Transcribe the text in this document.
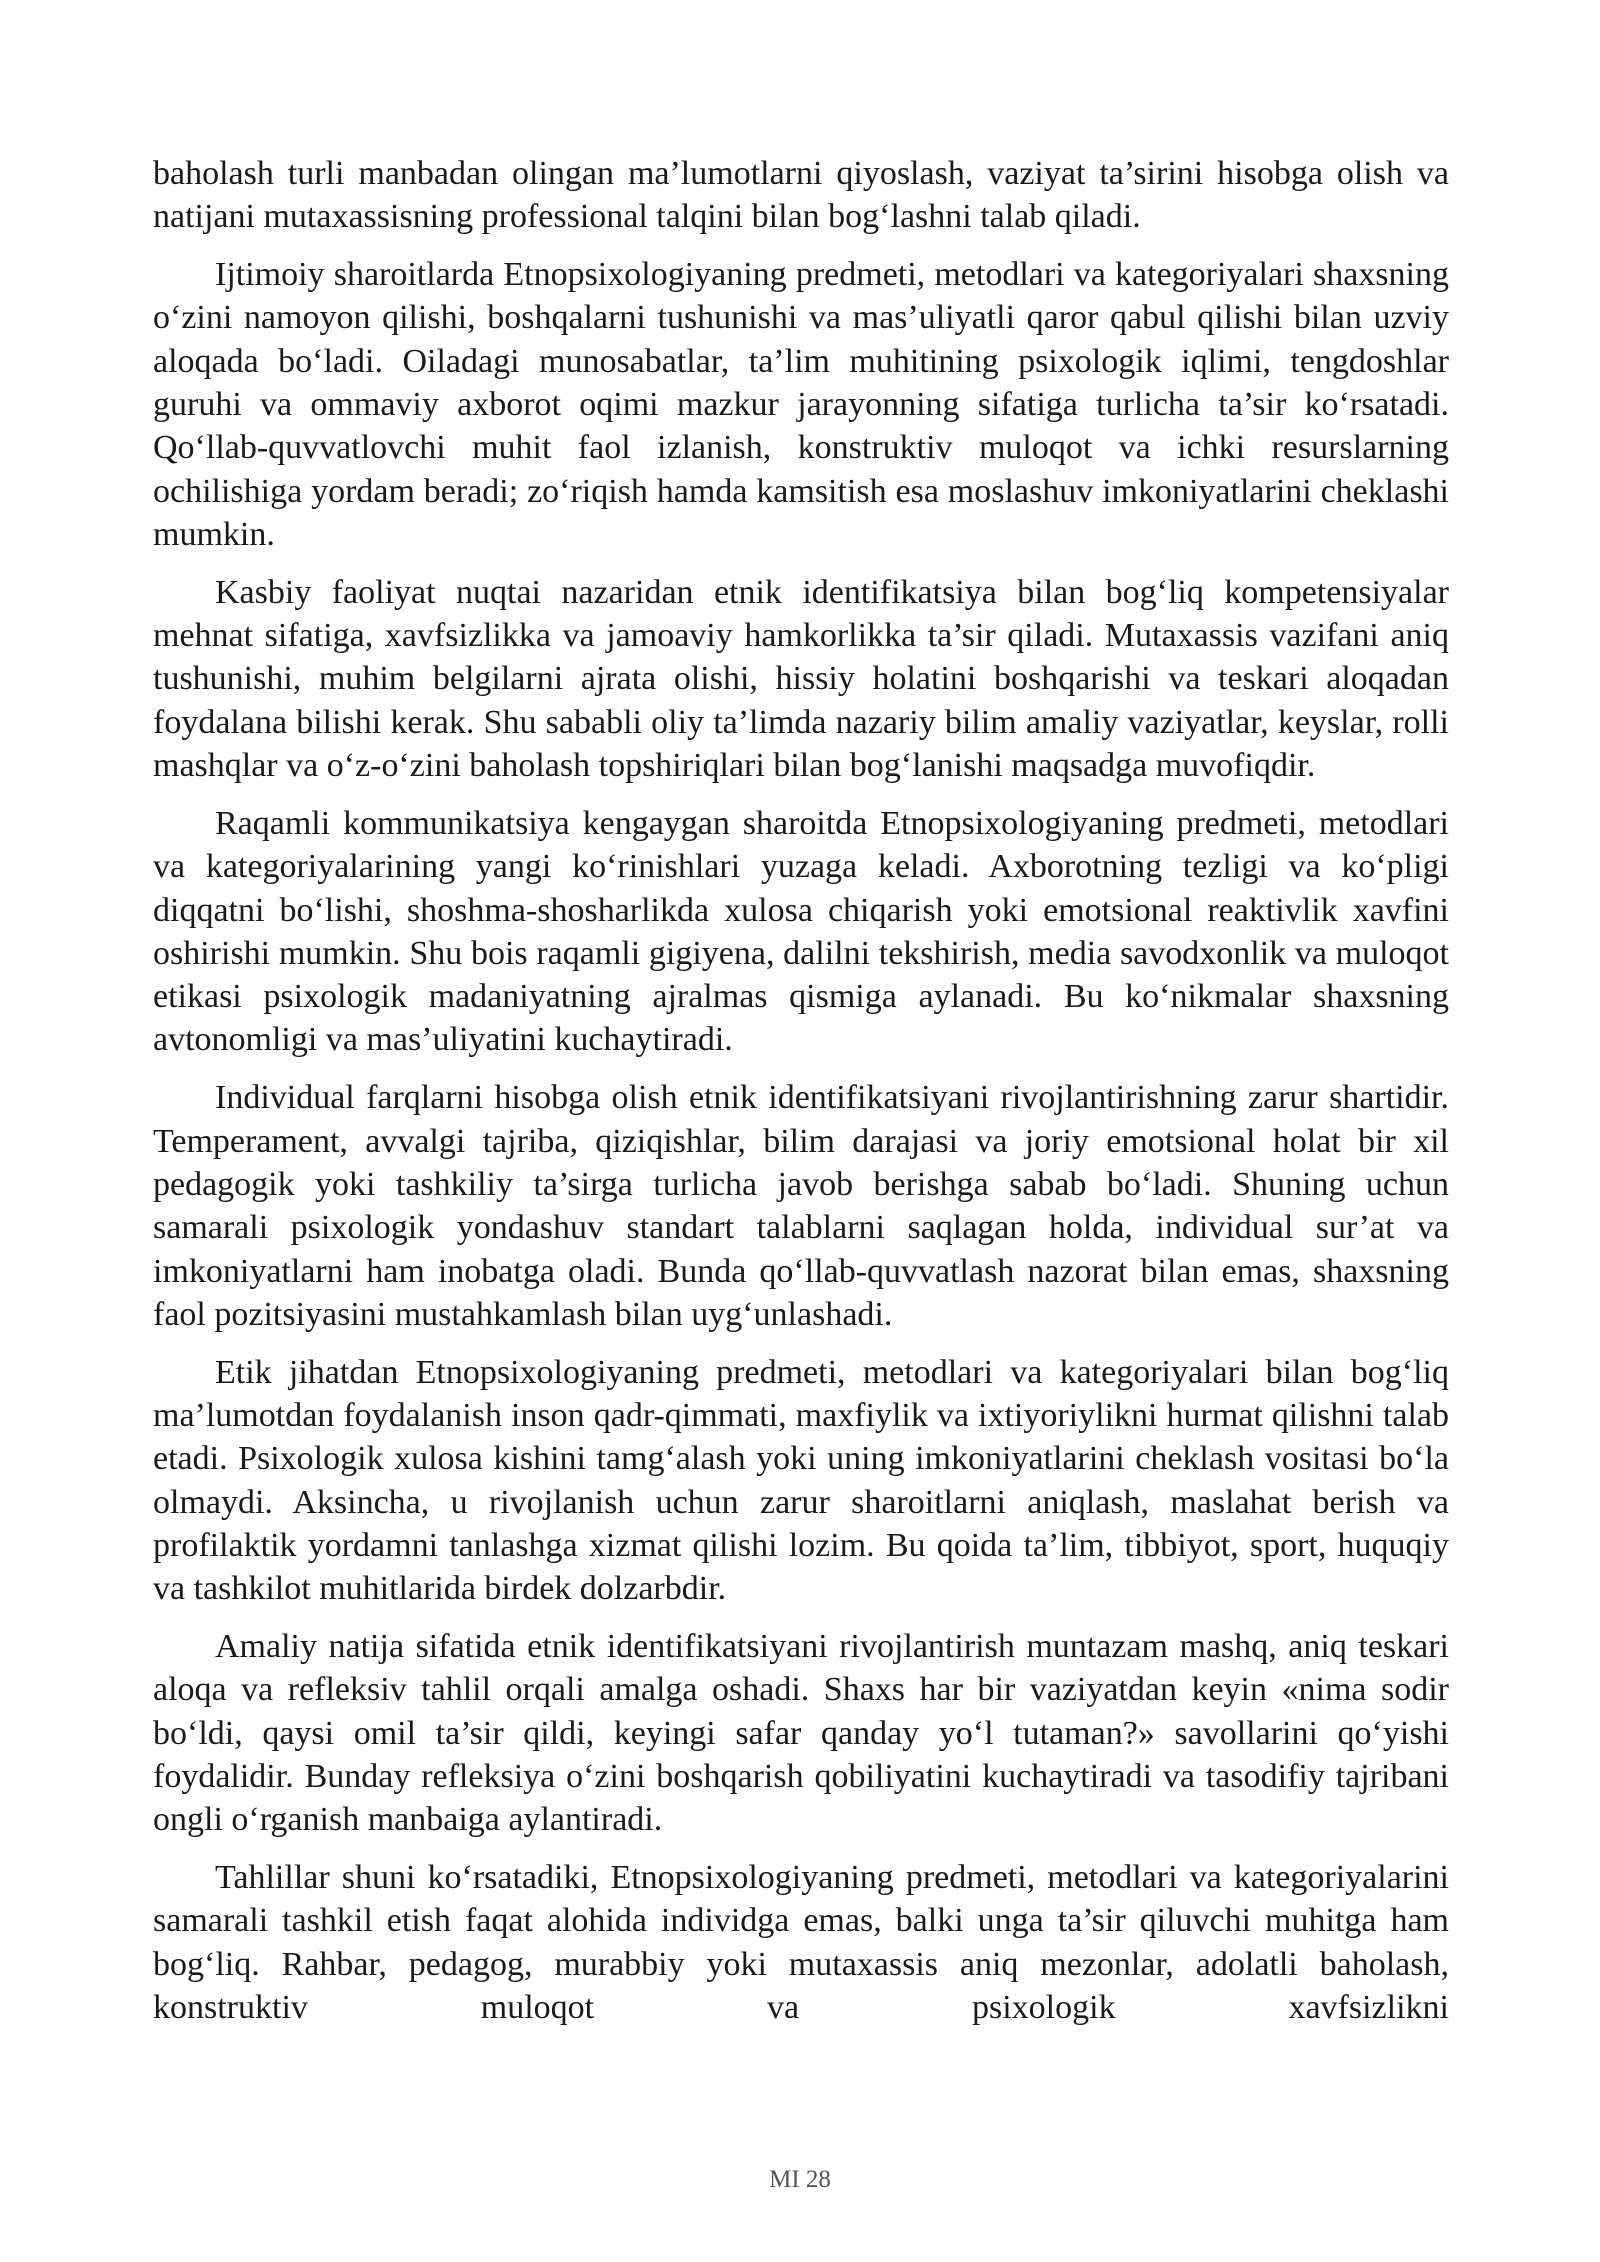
baholash turli manbadan olingan ma’lumotlarni qiyoslash, vaziyat ta’sirini hisobga olish va natijani mutaxassisning professional talqini bilan bog‘lashni talab qiladi.

Ijtimoiy sharoitlarda Etnopsixologiyaning predmeti, metodlari va kategoriyalari shaxsning o‘zini namoyon qilishi, boshqalarni tushunishi va mas’uliyatli qaror qabul qilishi bilan uzviy aloqada bo‘ladi. Oiladagi munosabatlar, ta’lim muhitining psixologik iqlimi, tengdoshlar guruhi va ommaviy axborot oqimi mazkur jarayonning sifatiga turlicha ta’sir ko‘rsatadi. Qo‘llab-quvvatlovchi muhit faol izlanish, konstruktiv muloqot va ichki resurslarning ochilishiga yordam beradi; zo‘riqish hamda kamsitish esa moslashuv imkoniyatlarini cheklashi mumkin.

Kasbiy faoliyat nuqtai nazaridan etnik identifikatsiya bilan bog‘liq kompetensiyalar mehnat sifatiga, xavfsizlikka va jamoaviy hamkorlikka ta’sir qiladi. Mutaxassis vazifani aniq tushunishi, muhim belgilarni ajrata olishi, hissiy holatini boshqarishi va teskari aloqadan foydalana bilishi kerak. Shu sababli oliy ta’limda nazariy bilim amaliy vaziyatlar, keyslar, rolli mashqlar va o‘z-o‘zini baholash topshiriqlari bilan bog‘lanishi maqsadga muvofiqdir.

Raqamli kommunikatsiya kengaygan sharoitda Etnopsixologiyaning predmeti, metodlari va kategoriyalarining yangi ko‘rinishlari yuzaga keladi. Axborotning tezligi va ko‘pligi diqqatni bo‘lishi, shoshma-shosharlikda xulosa chiqarish yoki emotsional reaktivlik xavfini oshirishi mumkin. Shu bois raqamli gigiyena, dalilni tekshirish, media savodxonlik va muloqot etikasi psixologik madaniyatning ajralmas qismiga aylanadi. Bu ko‘nikmalar shaxsning avtonomligi va mas’uliyatini kuchaytiradi.

Individual farqlarni hisobga olish etnik identifikatsiyani rivojlantirishning zarur shartidir. Temperament, avvalgi tajriba, qiziqishlar, bilim darajasi va joriy emotsional holat bir xil pedagogik yoki tashkiliy ta’sirga turlicha javob berishga sabab bo‘ladi. Shuning uchun samarali psixologik yondashuv standart talablarni saqlagan holda, individual sur’at va imkoniyatlarni ham inobatga oladi. Bunda qo‘llab-quvvatlash nazorat bilan emas, shaxsning faol pozitsiyasini mustahkamlash bilan uyg‘unlashadi.

Etik jihatdan Etnopsixologiyaning predmeti, metodlari va kategoriyalari bilan bog‘liq ma’lumotdan foydalanish inson qadr-qimmati, maxfiylik va ixtiyoriylikni hurmat qilishni talab etadi. Psixologik xulosa kishini tamg‘alash yoki uning imkoniyatlarini cheklash vositasi bo‘la olmaydi. Aksincha, u rivojlanish uchun zarur sharoitlarni aniqlash, maslahat berish va profilaktik yordamni tanlashga xizmat qilishi lozim. Bu qoida ta’lim, tibbiyot, sport, huquqiy va tashkilot muhitlarida birdek dolzarbdir.

Amaliy natija sifatida etnik identifikatsiyani rivojlantirish muntazam mashq, aniq teskari aloqa va refleksiv tahlil orqali amalga oshadi. Shaxs har bir vaziyatdan keyin «nima sodir bo‘ldi, qaysi omil ta’sir qildi, keyingi safar qanday yo‘l tutaman?» savollarini qo‘yishi foydalidir. Bunday refleksiya o‘zini boshqarish qobiliyatini kuchaytiradi va tasodifiy tajribani ongli o‘rganish manbaiga aylantiradi.

Tahlillar shuni ko‘rsatadiki, Etnopsixologiyaning predmeti, metodlari va kategoriyalarini samarali tashkil etish faqat alohida individga emas, balki unga ta’sir qiluvchi muhitga ham bog‘liq. Rahbar, pedagog, murabbiy yoki mutaxassis aniq mezonlar, adolatli baholash, konstruktiv muloqot va psixologik xavfsizlikni

MI 28
